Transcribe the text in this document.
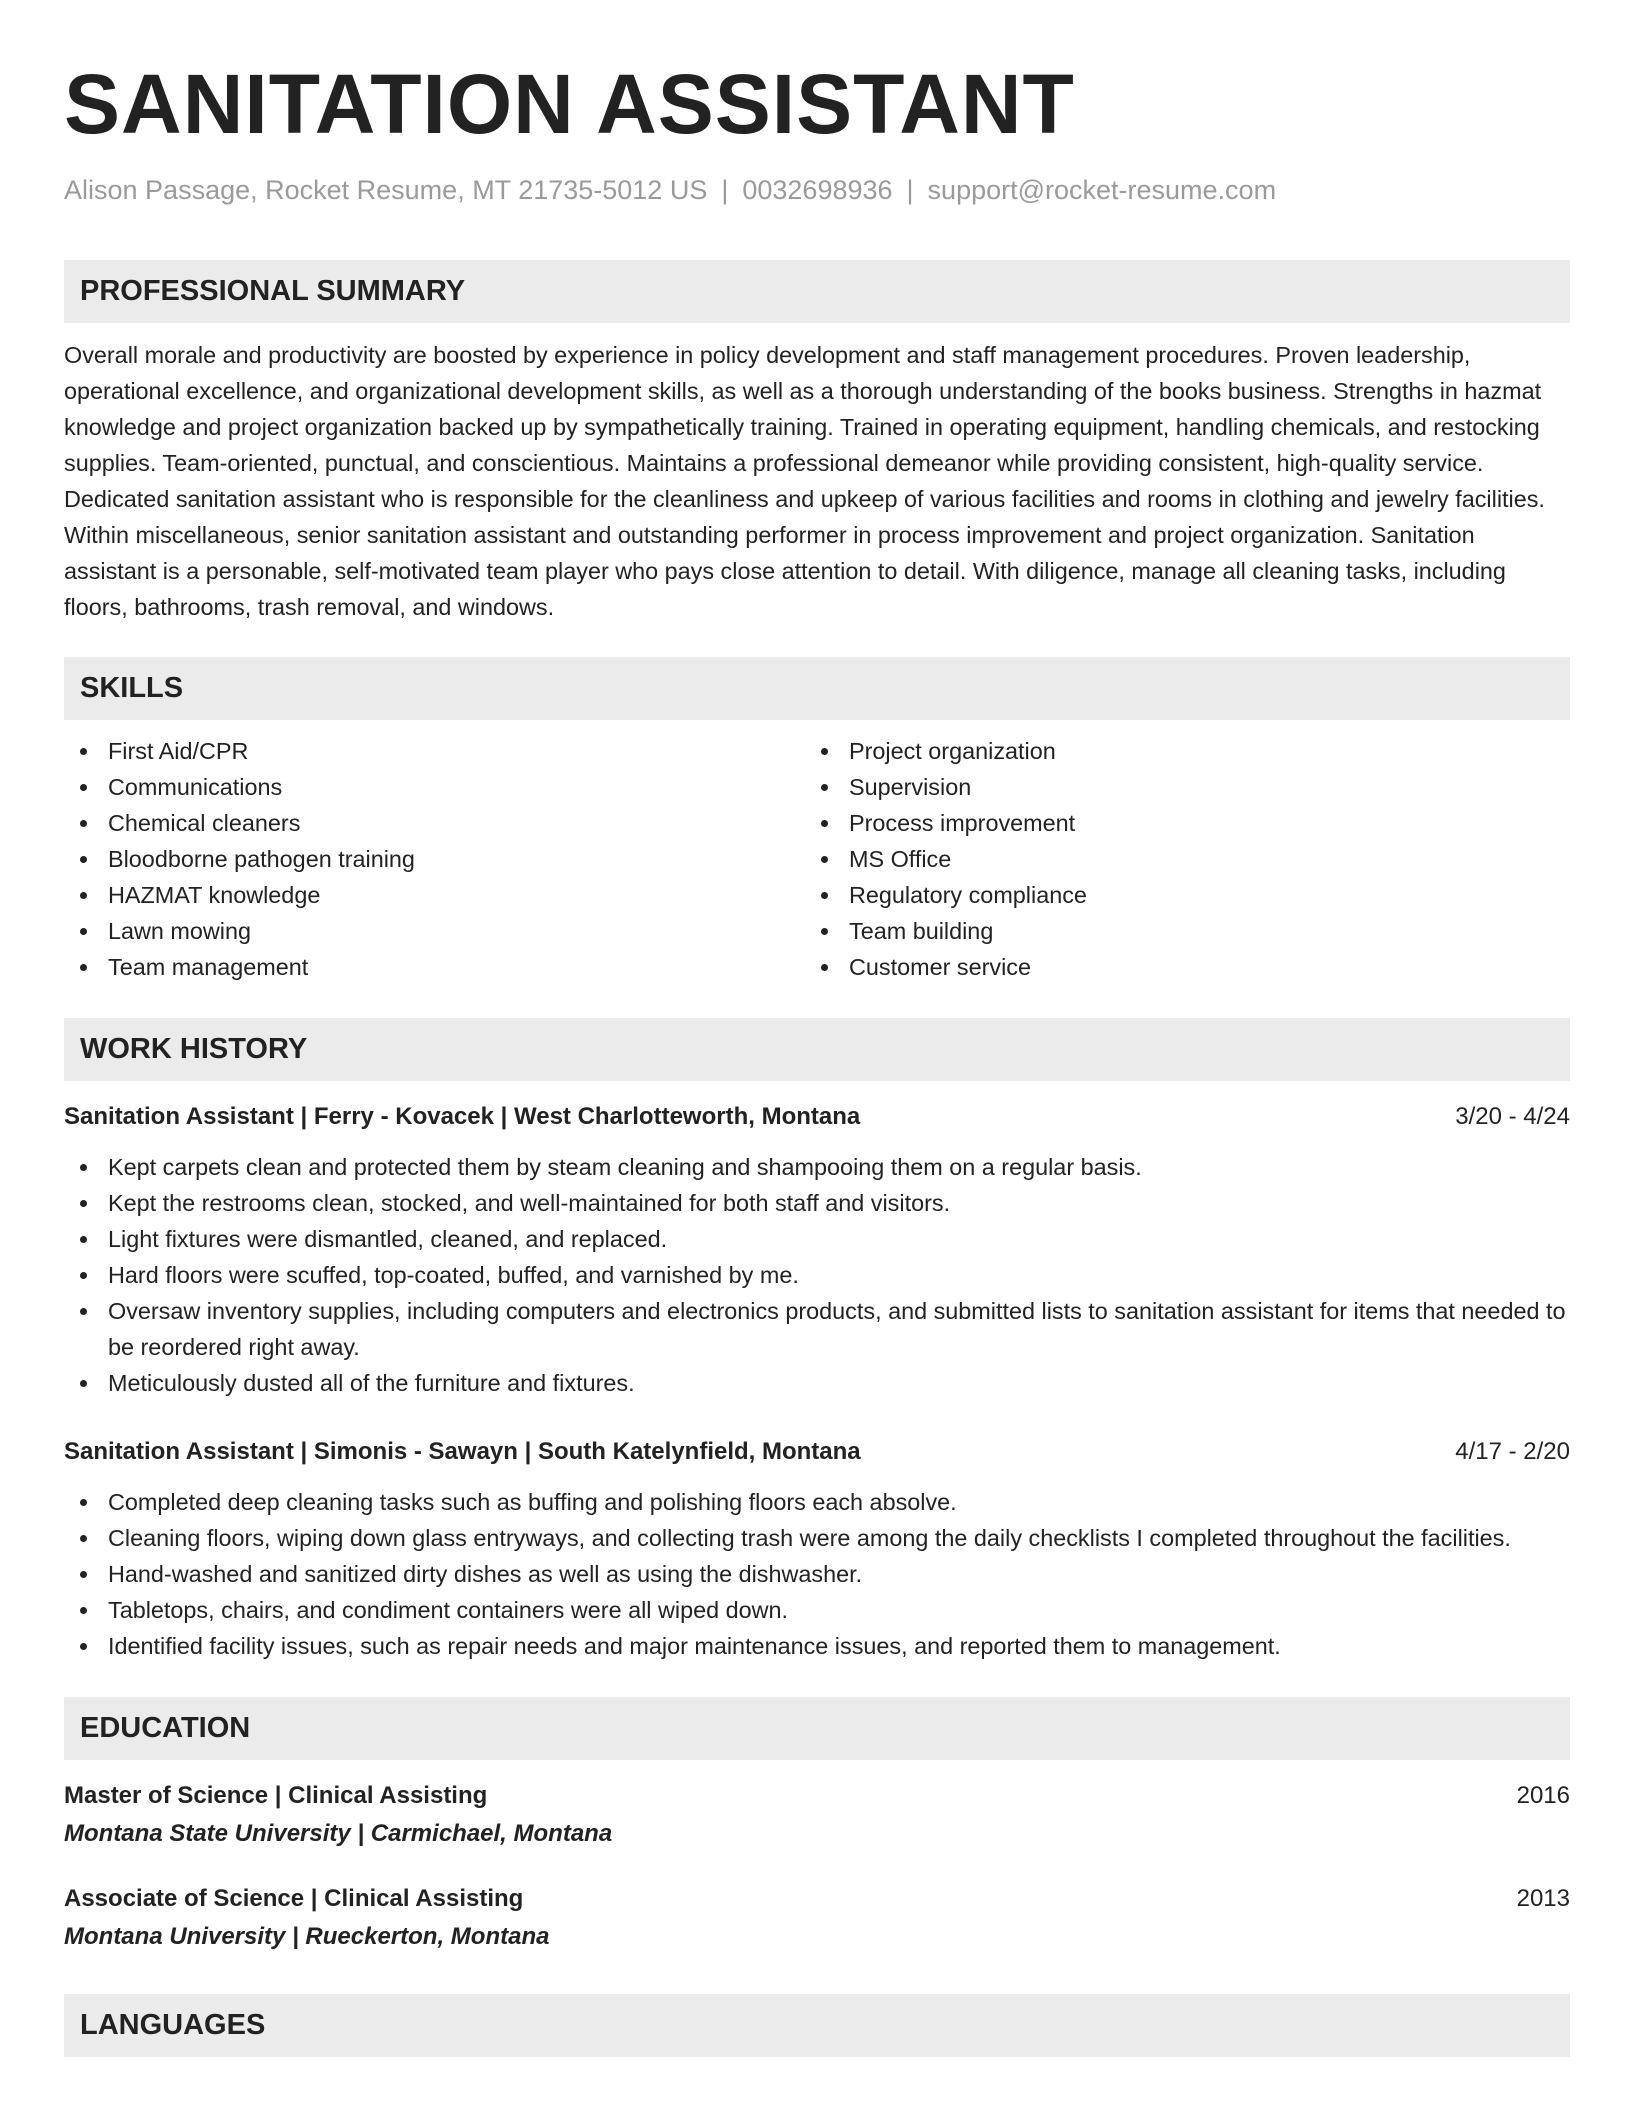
SANITATION ASSISTANT
Alison Passage, Rocket Resume, MT 21735-5012 US | 0032698936 | support@rocket-resume.com
PROFESSIONAL SUMMARY
Overall morale and productivity are boosted by experience in policy development and staff management procedures. Proven leadership, operational excellence, and organizational development skills, as well as a thorough understanding of the books business. Strengths in hazmat knowledge and project organization backed up by sympathetically training. Trained in operating equipment, handling chemicals, and restocking supplies. Team-oriented, punctual, and conscientious. Maintains a professional demeanor while providing consistent, high-quality service. Dedicated sanitation assistant who is responsible for the cleanliness and upkeep of various facilities and rooms in clothing and jewelry facilities. Within miscellaneous, senior sanitation assistant and outstanding performer in process improvement and project organization. Sanitation assistant is a personable, self-motivated team player who pays close attention to detail. With diligence, manage all cleaning tasks, including floors, bathrooms, trash removal, and windows.
SKILLS
First Aid/CPR
Communications
Chemical cleaners
Bloodborne pathogen training
HAZMAT knowledge
Lawn mowing
Team management
Project organization
Supervision
Process improvement
MS Office
Regulatory compliance
Team building
Customer service
WORK HISTORY
Sanitation Assistant | Ferry - Kovacek | West Charlotteworth, Montana	3/20 - 4/24
Kept carpets clean and protected them by steam cleaning and shampooing them on a regular basis.
Kept the restrooms clean, stocked, and well-maintained for both staff and visitors.
Light fixtures were dismantled, cleaned, and replaced.
Hard floors were scuffed, top-coated, buffed, and varnished by me.
Oversaw inventory supplies, including computers and electronics products, and submitted lists to sanitation assistant for items that needed to be reordered right away.
Meticulously dusted all of the furniture and fixtures.
Sanitation Assistant | Simonis - Sawayn | South Katelynfield, Montana	4/17 - 2/20
Completed deep cleaning tasks such as buffing and polishing floors each absolve.
Cleaning floors, wiping down glass entryways, and collecting trash were among the daily checklists I completed throughout the facilities.
Hand-washed and sanitized dirty dishes as well as using the dishwasher.
Tabletops, chairs, and condiment containers were all wiped down.
Identified facility issues, such as repair needs and major maintenance issues, and reported them to management.
EDUCATION
Master of Science | Clinical Assisting	2016
Montana State University | Carmichael, Montana
Associate of Science | Clinical Assisting	2013
Montana University | Rueckerton, Montana
LANGUAGES
